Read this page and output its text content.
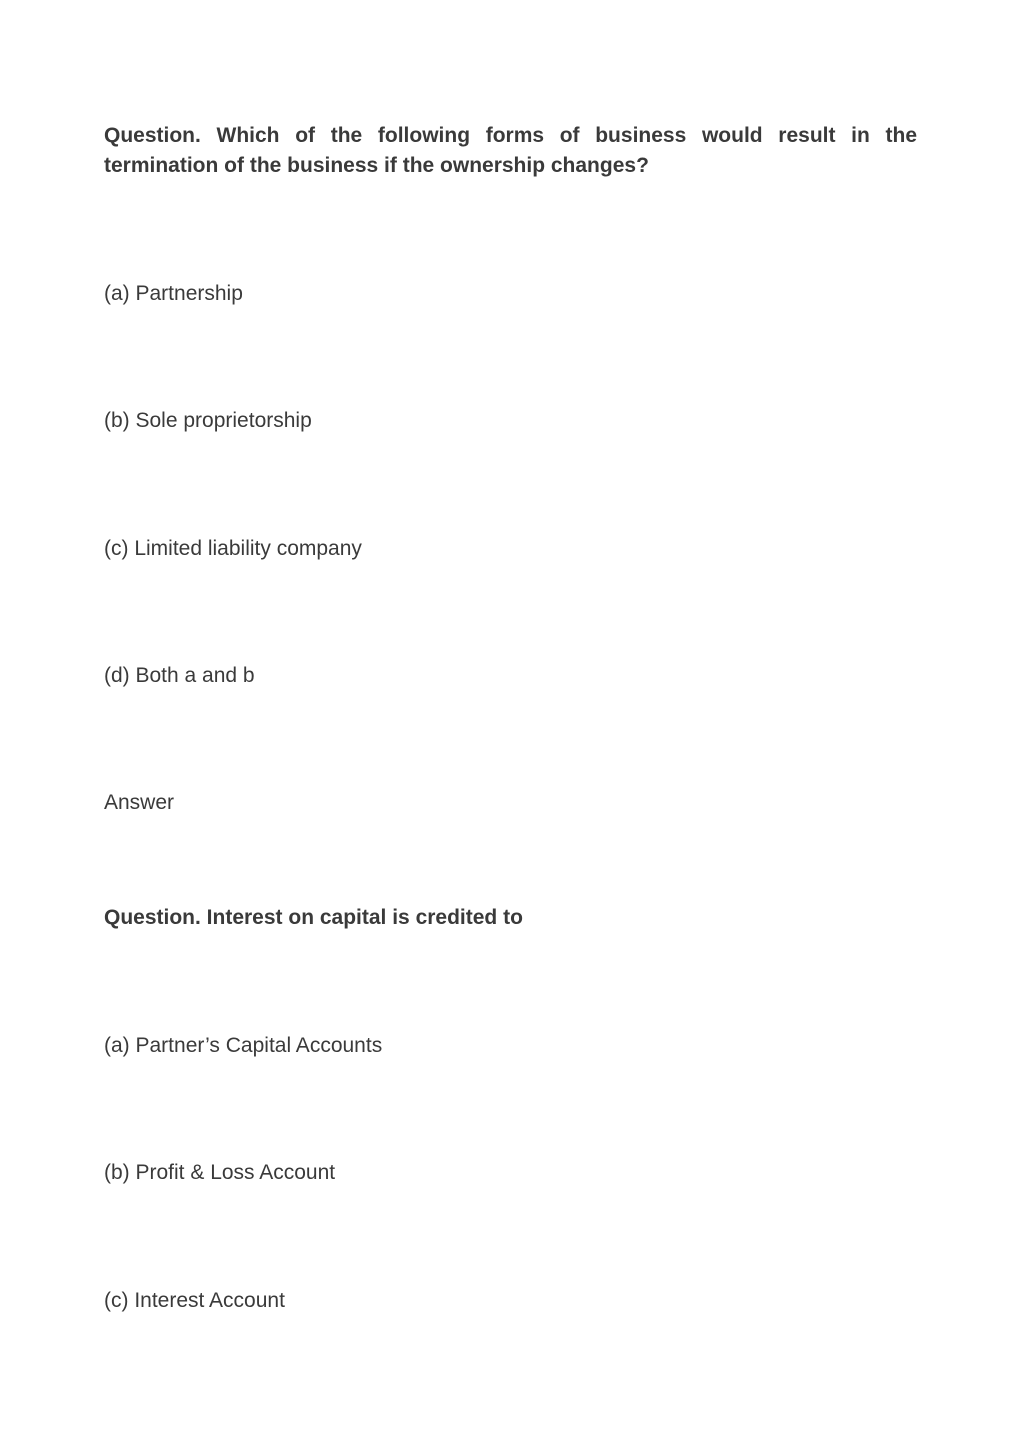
Question. Which of the following forms of business would result in the termination of the business if the ownership changes?

(a) Partnership

(b) Sole proprietorship

(c) Limited liability company

(d) Both a and b

Answer

Question. Interest on capital is credited to

(a) Partner’s Capital Accounts

(b) Profit & Loss Account

(c) Interest Account
